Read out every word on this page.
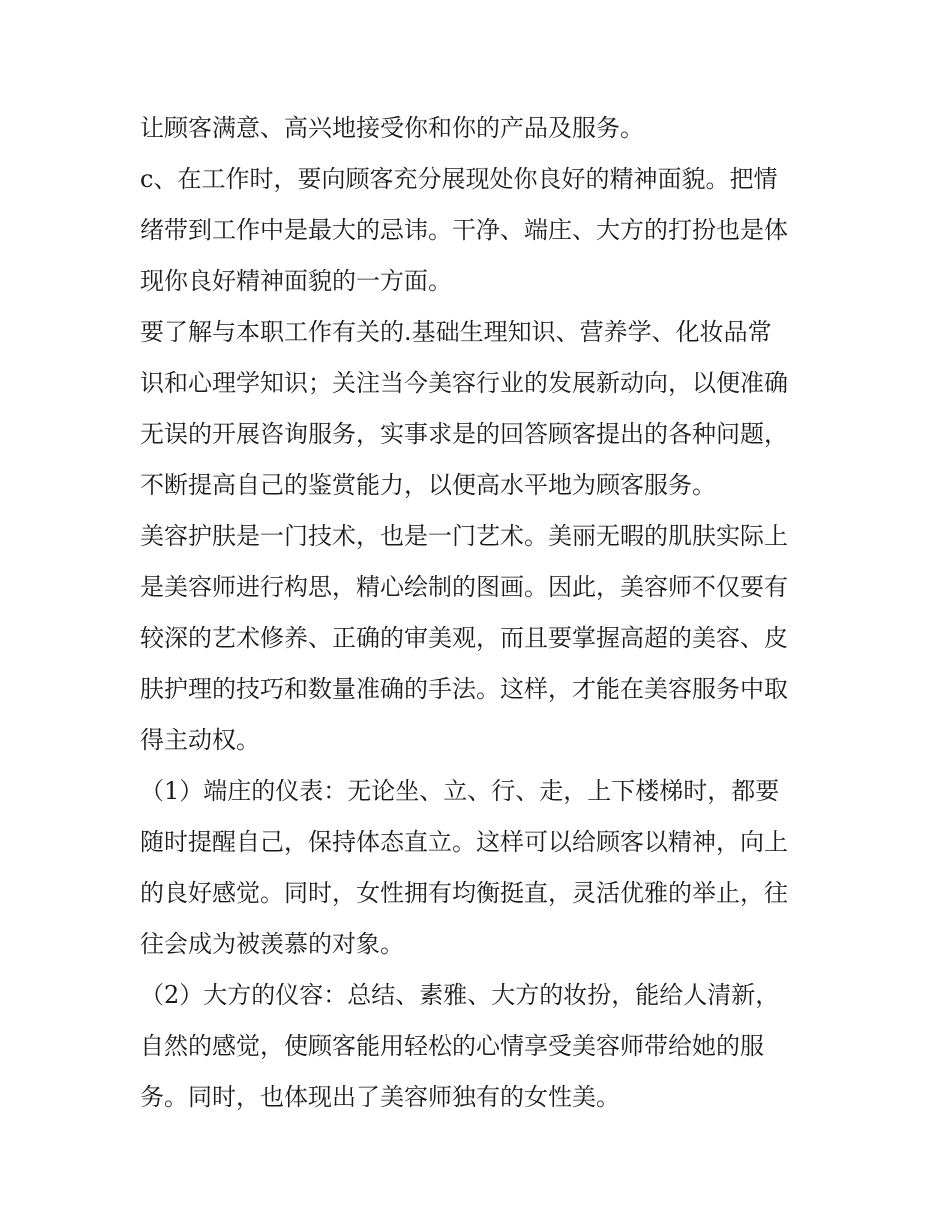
让顾客满意、高兴地接受你和你的产品及服务。

c、在工作时，要向顾客充分展现处你良好的精神面貌。把情
绪带到工作中是最大的忌讳。干净、端庄、大方的打扮也是体
现你良好精神面貌的一方面。

要了解与本职工作有关的.基础生理知识、营养学、化妆品常
识和心理学知识；关注当今美容行业的发展新动向，以便准确
无误的开展咨询服务，实事求是的回答顾客提出的各种问题，
不断提高自己的鉴赏能力，以便高水平地为顾客服务。

美容护肤是一门技术，也是一门艺术。美丽无暇的肌肤实际上
是美容师进行构思，精心绘制的图画。因此，美容师不仅要有
较深的艺术修养、正确的审美观，而且要掌握高超的美容、皮
肤护理的技巧和数量准确的手法。这样，才能在美容服务中取
得主动权。

（1）端庄的仪表：无论坐、立、行、走，上下楼梯时，都要
随时提醒自己，保持体态直立。这样可以给顾客以精神，向上
的良好感觉。同时，女性拥有均衡挺直，灵活优雅的举止，往
往会成为被羡慕的对象。

（2）大方的仪容：总结、素雅、大方的妆扮，能给人清新，
自然的感觉，使顾客能用轻松的心情享受美容师带给她的服
务。同时，也体现出了美容师独有的女性美。
